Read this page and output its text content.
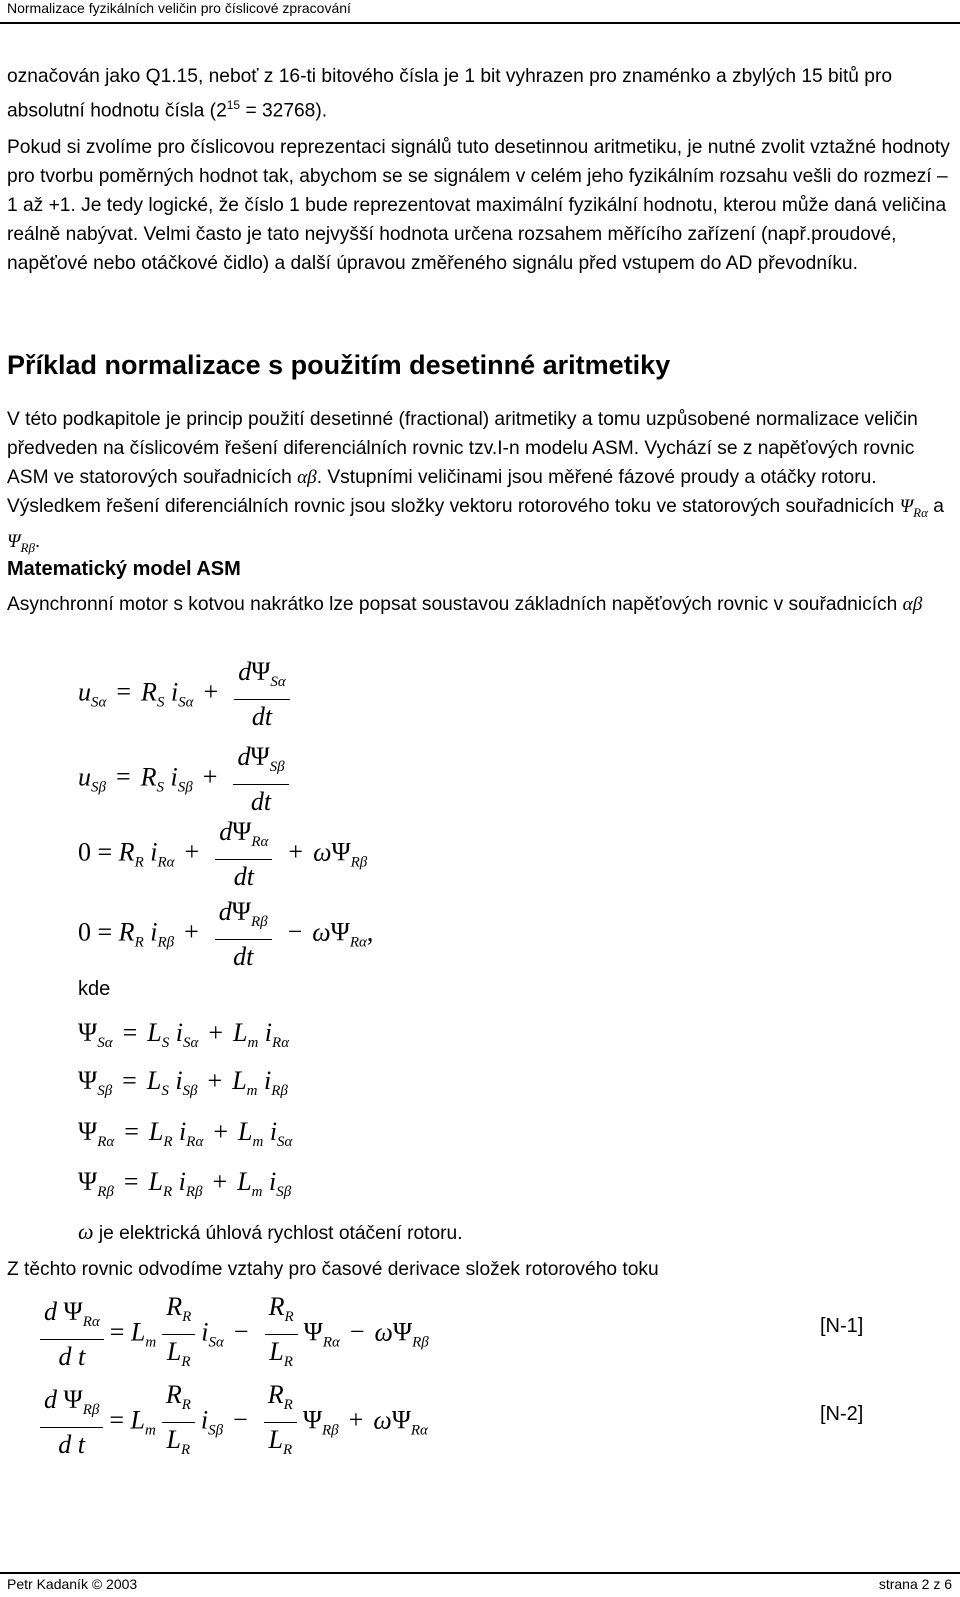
Normalizace fyzikálních veličin pro číslicové zpracování

označován jako Q1.15, neboť z 16-ti bitového čísla je 1 bit vyhrazen pro znaménko a zbylých 15 bitů pro absolutní hodnotu čísla $(2^{15} = 32768)$.

Pokud si zvolíme pro číslicovou reprezentaci signálů tuto desetinnou aritmetiku, je nutné zvolit vztažné hodnoty pro tvorbu poměrných hodnot tak, abychom se se signálem v celém jeho fyzikálním rozsahu vešli do rozmezí –1 až +1. Je tedy logické, že číslo 1 bude reprezentovat maximální fyzikální hodnotu, kterou může daná veličina reálně nabývat. Velmi často je tato nejvyšší hodnota určena rozsahem měřícího zařízení (např.proudové, napěťové nebo otáčkové čidlo) a další úpravou změřeného signálu před vstupem do AD převodníku.

Příklad normalizace s použitím desetinné aritmetiky

V této podkapitole je princip použití desetinné (fractional) aritmetiky a tomu uzpůsobené normalizace veličin předveden na číslicovém řešení diferenciálních rovnic tzv.I-n modelu ASM. Vychází se z napěťových rovnic ASM ve statorových souřadnicích αβ. Vstupními veličinami jsou měřené fázové proudy a otáčky rotoru. Výsledkem řešení diferenciálních rovnic jsou složky vektoru rotorového toku ve statorových souřadnicích $\Psi_{R\alpha}$ a $\Psi_{R\beta}$.

Matematický model ASM

Asynchronní motor s kotvou nakrátko lze popsat soustavou základních napěťových rovnic v souřadnicích αβ

$u_{S\alpha} = R_S$ $i_{S\alpha} + \frac{d\Psi_{S\alpha}}{dt}$
$u_{S\beta} = R_S$ $i_{S\beta} + \frac{d\Psi_{S\beta}}{dt}$
$0 = R_R$ $i_{R\alpha} + \frac{d\Psi_{R\alpha}}{dt} + \omega\Psi_{R\beta}$
$0 = R_R$ $i_{R\beta} + \frac{d\Psi_{R\beta}}{dt} - \omega\Psi_{R\alpha}$,
kde
$\Psi_{S\alpha} = L_S$ $i_{S\alpha} + L_m$ $i_{R\alpha}$
$\Psi_{S\beta} = L_S$ $i_{S\beta} + L_m$ $i_{R\beta}$
$\Psi_{R\alpha} = L_R$ $i_{R\alpha} + L_m$ $i_{S\alpha}$
$\Psi_{R\beta} = L_R$ $i_{R\beta} + L_m$ $i_{S\beta}$

ω je elektrická úhlová rychlost otáčení rotoru.

Z těchto rovnic odvodíme vztahy pro časové derivace složek rotorového toku

$\frac{d \Psi_{R\alpha}}{\text{d t}} = L_m \frac{R_R}{L_R} i_{S\alpha} - \frac{R_R}{L_R} \Psi_{R\alpha} - \omega\Psi_{R\beta}$
[N-1]
$\frac{d \Psi_{R\beta}}{\text{d t}} = L_m \frac{R_R}{L_R} i_{S\beta} - \frac{R_R}{L_R} \Psi_{R\beta} + \omega\Psi_{R\alpha}$
[N-2]
Petr Kadaník © 2003	strana 2 z 6
